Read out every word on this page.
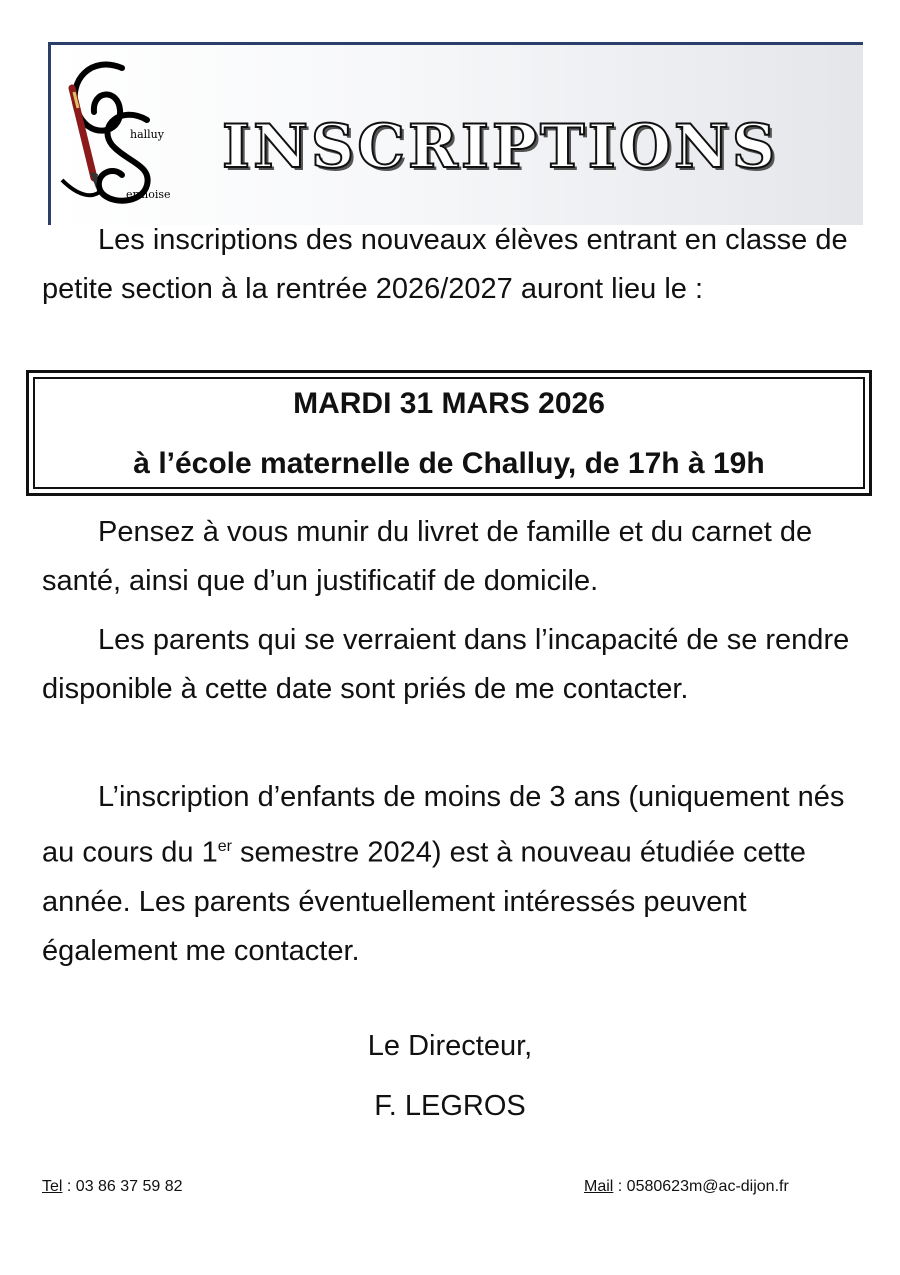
halluy
ermoise
INSCRIPTIONS

Les inscriptions des nouveaux élèves entrant en classe de petite section à la rentrée 2026/2027 auront lieu le :

MARDI 31 MARS 2026
à l’école maternelle de Challuy, de 17h à 19h

Pensez à vous munir du livret de famille et du carnet de santé, ainsi que d’un justificatif de domicile.

Les parents qui se verraient dans l’incapacité de se rendre disponible à cette date sont priés de me contacter.

L’inscription d’enfants de moins de 3 ans (uniquement nés au cours du 1er semestre 2024) est à nouveau étudiée cette année. Les parents éventuellement intéressés peuvent également me contacter.

Le Directeur,
F. LEGROS
Tel : 03 86 37 59 82	Mail : 0580623m@ac-dijon.fr
